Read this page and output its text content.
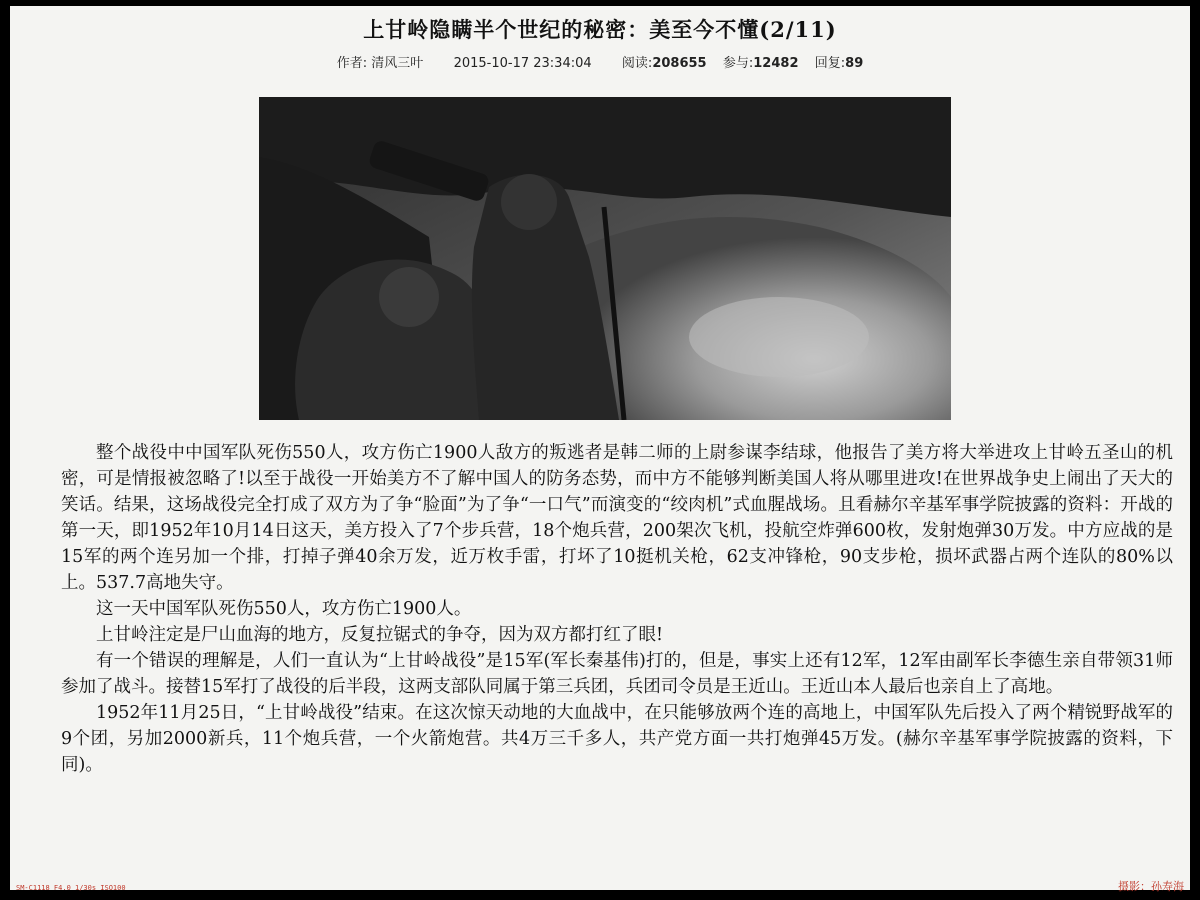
上甘岭隐瞒半个世纪的秘密：美至今不懂(2/11)
作者: 清风三叶 2015-10-17 23:34:04 阅读:208655 参与:12482 回复:89

整个战役中中国军队死伤550人，攻方伤亡1900人敌方的叛逃者是韩二师的上尉参谋李结球，他报告了美方将大举进攻上甘岭五圣山的机密，可是情报被忽略了!以至于战役一开始美方不了解中国人的防务态势，而中方不能够判断美国人将从哪里进攻!在世界战争史上闹出了天大的笑话。结果，这场战役完全打成了双方为了争“脸面”为了争“一口气”而演变的“绞肉机”式血腥战场。且看赫尔辛基军事学院披露的资料：开战的第一天，即1952年10月14日这天，美方投入了7个步兵营，18个炮兵营，200架次飞机，投航空炸弹600枚，发射炮弹30万发。中方应战的是15军的两个连另加一个排，打掉子弹40余万发，近万枚手雷，打坏了10挺机关枪，62支冲锋枪，90支步枪，损坏武器占两个连队的80%以上。537.7高地失守。

这一天中国军队死伤550人，攻方伤亡1900人。

上甘岭注定是尸山血海的地方，反复拉锯式的争夺，因为双方都打红了眼!

有一个错误的理解是，人们一直认为“上甘岭战役”是15军(军长秦基伟)打的，但是，事实上还有12军，12军由副军长李德生亲自带领31师参加了战斗。接替15军打了战役的后半段，这两支部队同属于第三兵团，兵团司令员是王近山。王近山本人最后也亲自上了高地。

1952年11月25日，“上甘岭战役”结束。在这次惊天动地的大血战中，在只能够放两个连的高地上，中国军队先后投入了两个精锐野战军的9个团，另加2000新兵，11个炮兵营，一个火箭炮营。共4万三千多人，共产党方面一共打炮弹45万发。(赫尔辛基军事学院披露的资料，下同)。

SM-C1118 F4.0 1/30s ISO100	摄影：孙寿海
